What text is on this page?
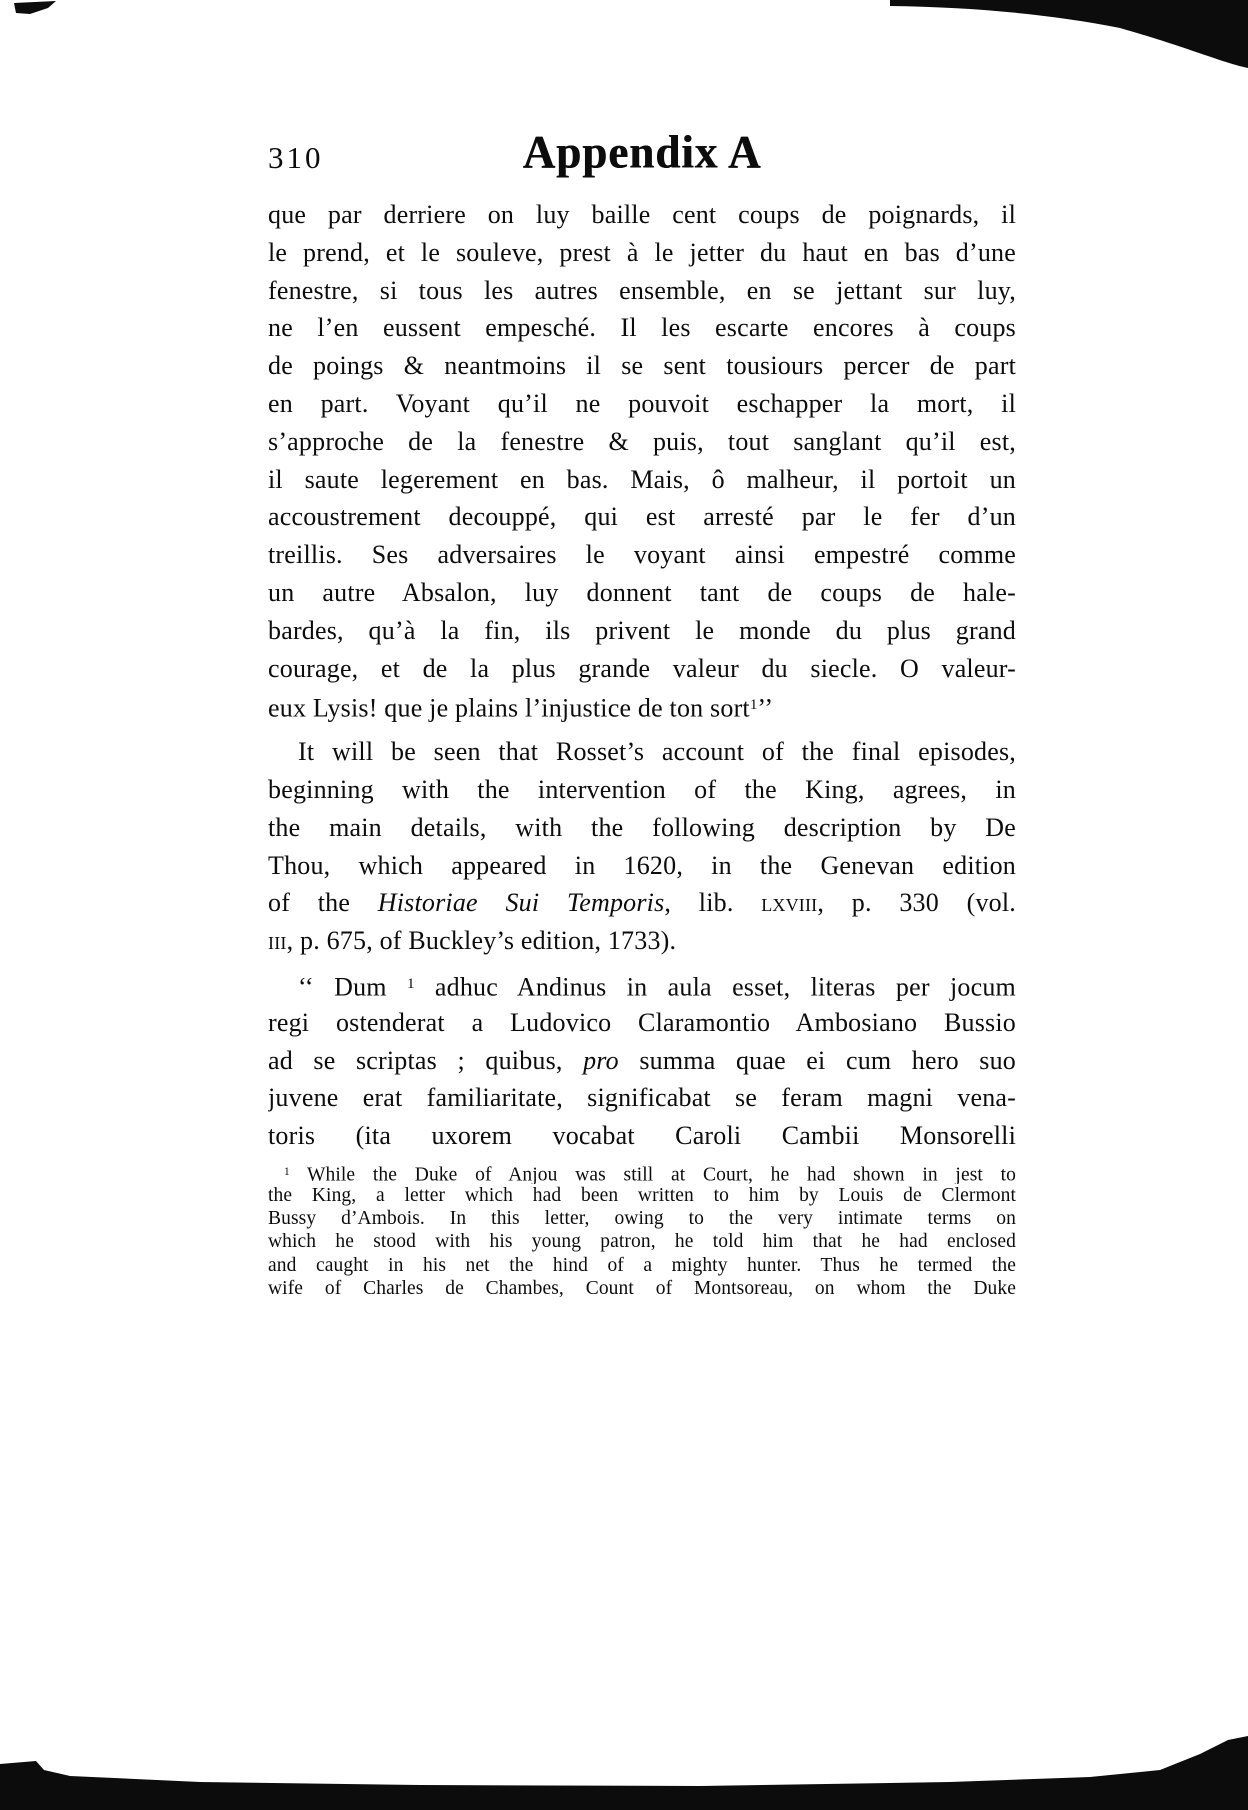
310	Appendix A
que par derriere on luy baille cent coups de poignards, il
le prend, et le souleve, prest à le jetter du haut en bas d’une
fenestre, si tous les autres ensemble, en se jettant sur luy,
ne l’en eussent empesché. Il les escarte encores à coups
de poings & neantmoins il se sent tousiours percer de part
en part. Voyant qu’il ne pouvoit eschapper la mort, il
s’approche de la fenestre & puis, tout sanglant qu’il est,
il saute legerement en bas. Mais, ô malheur, il portoit un
accoustrement decouppé, qui est arresté par le fer d’un
treillis. Ses adversaires le voyant ainsi empestré comme
un autre Absalon, luy donnent tant de coups de hale-
bardes, qu’à la fin, ils privent le monde du plus grand
courage, et de la plus grande valeur du siecle. O valeur-
eux Lysis! que je plains l’injustice de ton sort$^1$’’
It will be seen that Rosset’s account of the final episodes,
beginning with the intervention of the King, agrees, in
the main details, with the following description by De
Thou, which appeared in 1620, in the Genevan edition
of the Historiae Sui Temporis, lib. lxviii, p. 330 (vol.
iii, p. 675, of Buckley’s edition, 1733).
‘‘ Dum $^1$ adhuc Andinus in aula esset, literas per jocum
regi ostenderat a Ludovico Claramontio Ambosiano Bussio
ad se scriptas ; quibus, pro summa quae ei cum hero suo
juvene erat familiaritate, significabat se feram magni vena-
toris (ita uxorem vocabat Caroli Cambii Monsorelli
$^1$ While the Duke of Anjou was still at Court, he had shown in jest to
the King, a letter which had been written to him by Louis de Clermont
Bussy d’Ambois. In this letter, owing to the very intimate terms on
which he stood with his young patron, he told him that he had enclosed
and caught in his net the hind of a mighty hunter. Thus he termed the
wife of Charles de Chambes, Count of Montsoreau, on whom the Duke
